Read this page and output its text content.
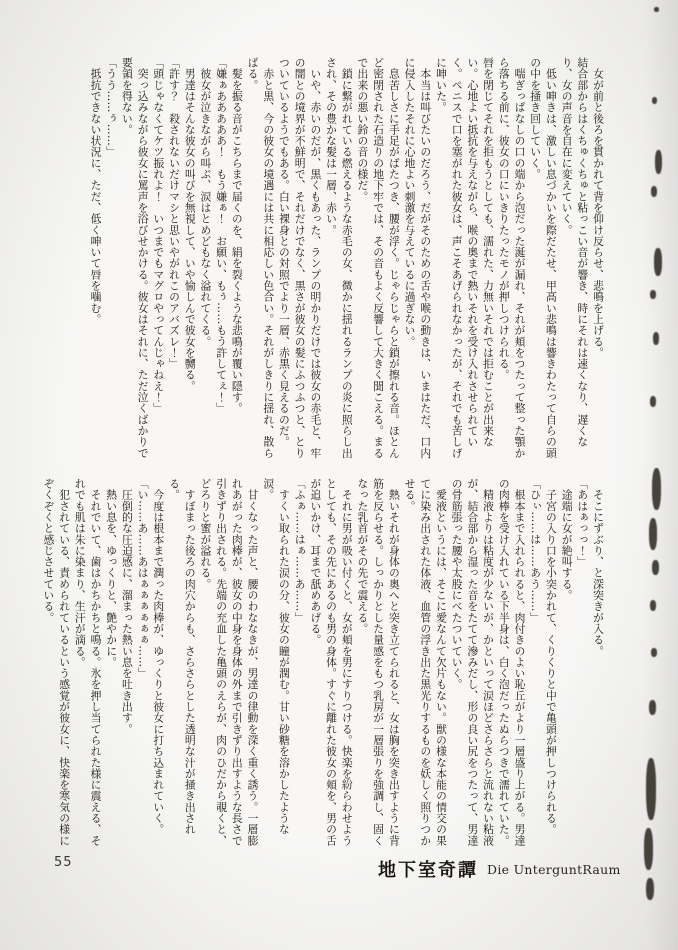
　女が前と後ろを貫かれて背を仰け反らせ、悲鳴を上げる。

結合部からはくちゅくちゅと粘っこい音が響き、時にそれは速くなり、遅くなり、女の声音を自在に変えていく。

　低い呻きは、激しい息づかいを際だたせ、甲高い悲鳴は響きわたって自らの頭の中を掻き回していく。

　喘ぎっぱなしの口の端から泡だった涎が漏れ、それが頬をつたって整った顎から落ちる前に、彼女の口にいきりたったモノが押しつけられる。

唇を閉じてそれを拒もうとしても、濡れた、力無いそれでは拒むことが出来ない。心地よい抵抗を与えながら、喉の奥まで熱いそれを受け入れさせられていく。ペニスで口を塞がれた彼女は、声こそあげられなかったが、それでも苦しげに呻いた。

　本当は叫びたいのだろう、だがそのための舌や喉の動きは、いまはただ、口内に侵入したそれに心地よい刺激を与えているに過ぎない。

　息苦しさに手足がばたつき、腰が浮く。じゃらじゃらと鎖が擦れる音。ほとんど密閉された石造りの地下牢では、その音もよく反響して大きく聞こえる。まるで出来の悪い鈴の音の様だ。

　鎖に繋がれている燃えるような赤毛の女、微かに揺れるランプの炎に照らし出され、その豊かな髪は一層、赤い。

　いや、赤いのだが、黒くもあった、ランプの明かりだけでは彼女の赤毛と、牢の闇との境界が不鮮明で、それだけでなく、黒さが彼女の髪にふつふつと、とりついているようでもある。白い裸身との対照でより一層、赤黒く見えるのだ。

　赤と黒、今の彼女の境遇には共に相応しい色合い。それがしきりに揺れ、散らばる。

　髪を振る音がこちらまで届くのを、絹を裂くような悲鳴が覆い隠す。

「嫌ぁあああああ！　もう嫌ぁ！　お願い、もぅ……もう許してぇ！」

　彼女が泣きながら叫ぶ、涙はとめどもなく溢れてくる。

　男達はそんな彼女の叫びを無視して、いや愉しんで彼女を嬲る。

「許す？　殺されないだけマシと思いやがれこのアバズレ！」

「頭じゃなくてケツ振れよ！　いつまでもマグロやってんじゃねえ！」

　突っ込みながら彼女に罵声を浴びせかける。彼女はそれに、ただ泣くばかりで要領を得ない。

「うう……ぅ……」

　抵抗できない状況に、ただ、低く呻いて唇を噛む。

　そこにずぶり、と深突きが入る。

「あはぁっっ！」

　途端に女が絶叫する。

　子宮の入り口を小突かれて、くりくりと中で亀頭が押しつけられる。

「ひぃ……は……あう……」

　根本まで入れられると、肉付きのよい恥丘がより一層盛り上がる。男達の肉棒を受け入れている下半身は、白く泡だったぬらつきで濡れていた。

　精液よりは粘度が少ないが、かといって涙ほどさらさらと流れない粘液が、結合部から湿った音をたてて滲みだし、形の良い尻をつたって、男達の骨筋張った腰や太股にべたついていく。

　愛液というには、そこに愛なんて欠片もない。獣の様な本能の情交の果てに染み出された体液、血管の浮き出た黒光りするものを妖しく照りつかせる。

　熱いそれが身体の奥へと突き立てられると、女は胸を突き出すように背筋を反らせる。しっかりとした量感をもつ乳房が一層張りを強調し、固くなった乳首がその先で震える。

　それに男が吸い付くと、女が頬を男にすりつける。快楽を紛らわせようとしても、その先にあるのも男の身体。すぐに離れた彼女の頬を、男の舌が追いかけ、耳まで舐めあげる。

「ふぁ……はぁ……あ……」

　すくい取られた涙の分、彼女の瞳が潤む。甘い砂糖を溶かしたような涙。

　甘くなった声と、腰のわななきが、男達の律動を深く重く誘う。一層膨れあがった肉棒が、彼女の中身を身体の外まで引きずり出すような長さで引きずり出される。先端の充血した亀頭のえらが、肉のひだから覗くと、どろりと蜜が溢れる。

　すぼまった後ろの肉穴からも、さらさらとした透明な汁が掻き出される。

　今度は根本まで潤った肉棒が、ゆっくりと彼女に打ち込まれていく。

「い……あ……あはぁぁぁぁぁぁ……」

　圧倒的な圧迫感に、溜まった熱い息を吐き出す。

　熱い息を、ゆっくりと、艶やかに。

　それでいて、歯はかちかちと鳴る。氷を押し当てられた様に震える、それでも肌は朱に染まり、生汗が滴る。

　犯されている、責められているという感覚が彼女に、快楽を寒気の様にぞくぞくと感じさせている。

地下室奇譚 Die UnterguntRaum
55
